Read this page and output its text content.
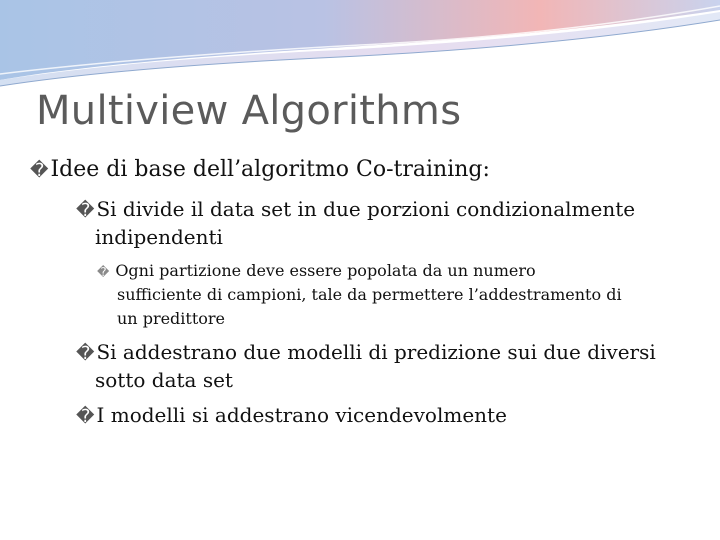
Multiview Algorithms
�Idee di base dell’algoritmo Co-training:
� Si divide il data set in due porzioni condizionalmente
indipendenti
� Ogni partizione deve essere popolata da un numero
sufficiente di campioni, tale da permettere l’addestramento di
un predittore
� Si addestrano due modelli di predizione sui due diversi
sotto data set
� I modelli si addestrano vicendevolmente
